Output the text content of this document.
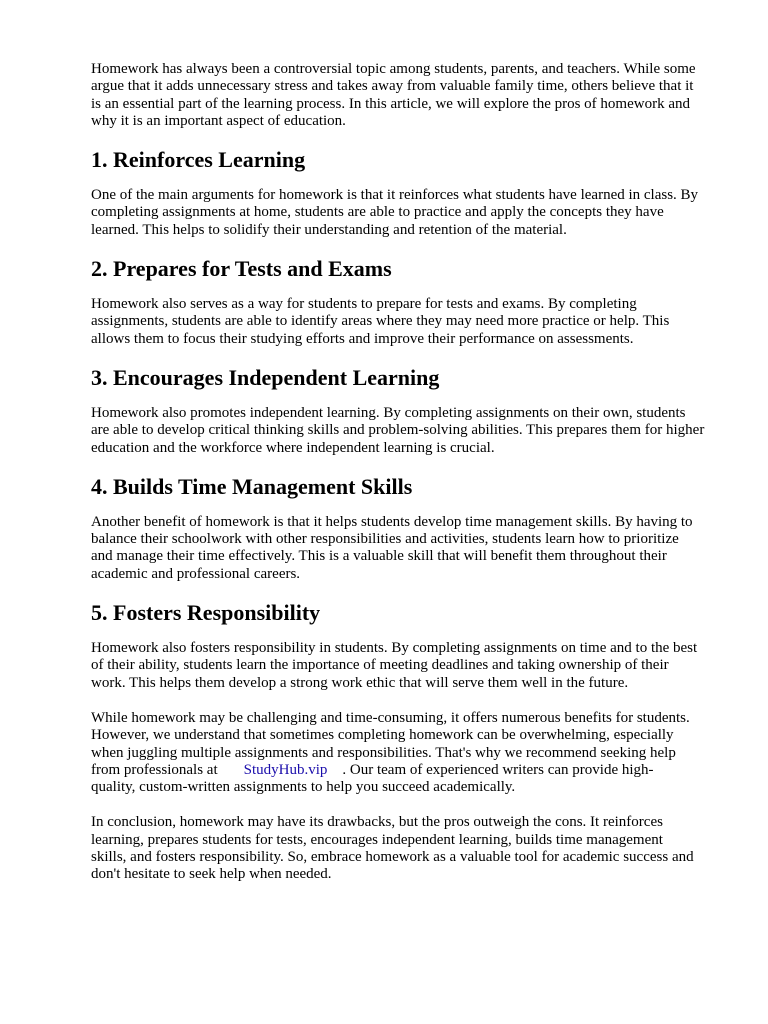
Homework has always been a controversial topic among students, parents, and teachers. While some
argue that it adds unnecessary stress and takes away from valuable family time, others believe that it
is an essential part of the learning process. In this article, we will explore the pros of homework and
why it is an important aspect of education.

1. Reinforces Learning

One of the main arguments for homework is that it reinforces what students have learned in class. By
completing assignments at home, students are able to practice and apply the concepts they have
learned. This helps to solidify their understanding and retention of the material.

2. Prepares for Tests and Exams

Homework also serves as a way for students to prepare for tests and exams. By completing
assignments, students are able to identify areas where they may need more practice or help. This
allows them to focus their studying efforts and improve their performance on assessments.

3. Encourages Independent Learning

Homework also promotes independent learning. By completing assignments on their own, students
are able to develop critical thinking skills and problem-solving abilities. This prepares them for higher
education and the workforce where independent learning is crucial.

4. Builds Time Management Skills

Another benefit of homework is that it helps students develop time management skills. By having to
balance their schoolwork with other responsibilities and activities, students learn how to prioritize
and manage their time effectively. This is a valuable skill that will benefit them throughout their
academic and professional careers.

5. Fosters Responsibility

Homework also fosters responsibility in students. By completing assignments on time and to the best
of their ability, students learn the importance of meeting deadlines and taking ownership of their
work. This helps them develop a strong work ethic that will serve them well in the future.

While homework may be challenging and time-consuming, it offers numerous benefits for students.
However, we understand that sometimes completing homework can be overwhelming, especially
when juggling multiple assignments and responsibilities. That's why we recommend seeking help
from professionals at StudyHub.vip . Our team of experienced writers can provide high-
quality, custom-written assignments to help you succeed academically.

In conclusion, homework may have its drawbacks, but the pros outweigh the cons. It reinforces
learning, prepares students for tests, encourages independent learning, builds time management
skills, and fosters responsibility. So, embrace homework as a valuable tool for academic success and
don't hesitate to seek help when needed.
